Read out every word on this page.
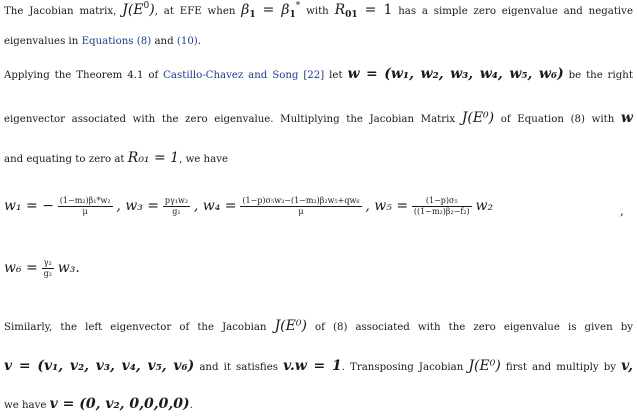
The Jacobian matrix, $J(E^0)$, at EFE when $\beta_1 = \beta_1^*$ with $R_{01} = 1$ has a simple zero eigenvalue and negative
eigenvalues in Equations (8) and (10).
Applying the Theorem 4.1 of Castillo-Chavez and Song [22] let w = (w₁, w₂, w₃, w₄, w₅, w₆) be the right
eigenvector associated with the zero eigenvalue. Multiplying the Jacobian Matrix J(E⁰) of Equation (8) with w
and equating to zero at R₀₁ = 1, we have
w₁ = − $\frac{\text{(1−m₂)β₁*w₂}}{\mu}$ , $w_3 = \frac{\text{pγ₁w₂}}{\text{g₁}}$ , $w_4 = \frac{\text{(1−p)σ₅w₃−(1−m₂)β₂w₅+qw₆}}{\mu}$ , $w_5 = \frac{\text{(1−p)σ₅}}{\text{((1−m₂)β₂−f₂)}} w_2$	,
$w_6 = \frac{\text{γ₂}}{\text{g₂}} w_3$.
Similarly, the left eigenvector of the Jacobian J(E⁰) of (8) associated with the zero eigenvalue is given by
v = (v₁, v₂, v₃, v₄, v₅, v₆) and it satisfies v.w = 1. Transposing Jacobian J(E⁰) first and multiply by v,
we have v = (0, v₂, 0,0,0,0).
